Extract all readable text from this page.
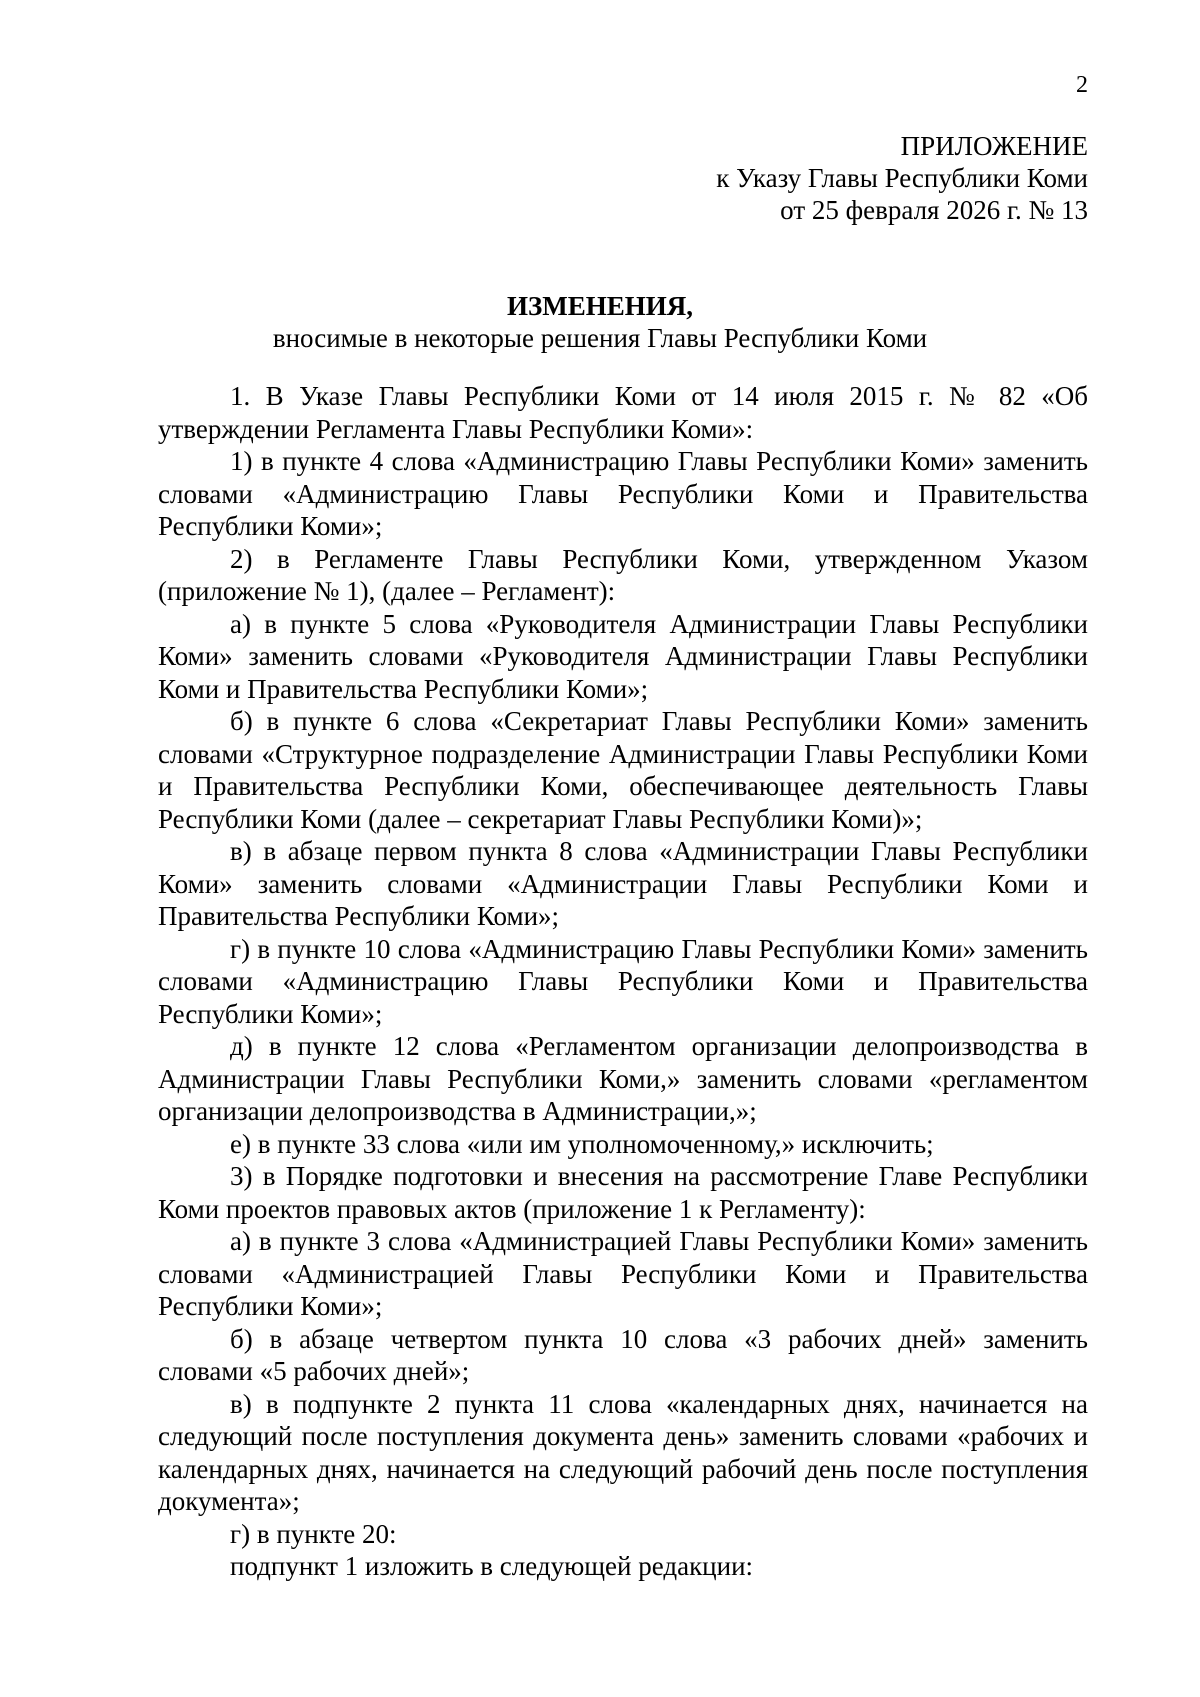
2
ПРИЛОЖЕНИЕ
к Указу Главы Республики Коми
от 25 февраля 2026 г. № 13
ИЗМЕНЕНИЯ,
вносимые в некоторые решения Главы Республики Коми

1. В Указе Главы Республики Коми от 14 июля 2015 г. № 82 «Об утверждении Регламента Главы Республики Коми»:

1) в пункте 4 слова «Администрацию Главы Республики Коми» заменить словами «Администрацию Главы Республики Коми и Правительства Республики Коми»;

2) в Регламенте Главы Республики Коми, утвержденном Указом (приложение № 1), (далее – Регламент):

а) в пункте 5 слова «Руководителя Администрации Главы Республики Коми» заменить словами «Руководителя Администрации Главы Республики Коми и Правительства Республики Коми»;

б) в пункте 6 слова «Секретариат Главы Республики Коми» заменить словами «Структурное подразделение Администрации Главы Республики Коми и Правительства Республики Коми, обеспечивающее деятельность Главы Республики Коми (далее – секретариат Главы Республики Коми)»;

в) в абзаце первом пункта 8 слова «Администрации Главы Республики Коми» заменить словами «Администрации Главы Республики Коми и Правительства Республики Коми»;

г) в пункте 10 слова «Администрацию Главы Республики Коми» заменить словами «Администрацию Главы Республики Коми и Правительства Республики Коми»;

д) в пункте 12 слова «Регламентом организации делопроизводства в Администрации Главы Республики Коми,» заменить словами «регламентом организации делопроизводства в Администрации,»;

е) в пункте 33 слова «или им уполномоченному,» исключить;

3) в Порядке подготовки и внесения на рассмотрение Главе Республики Коми проектов правовых актов (приложение 1 к Регламенту):

а) в пункте 3 слова «Администрацией Главы Республики Коми» заменить словами «Администрацией Главы Республики Коми и Правительства Республики Коми»;

б) в абзаце четвертом пункта 10 слова «3 рабочих дней» заменить словами «5 рабочих дней»;

в) в подпункте 2 пункта 11 слова «календарных днях, начинается на следующий после поступления документа день» заменить словами «рабочих и календарных днях, начинается на следующий рабочий день после поступления документа»;

г) в пункте 20:

подпункт 1 изложить в следующей редакции:
